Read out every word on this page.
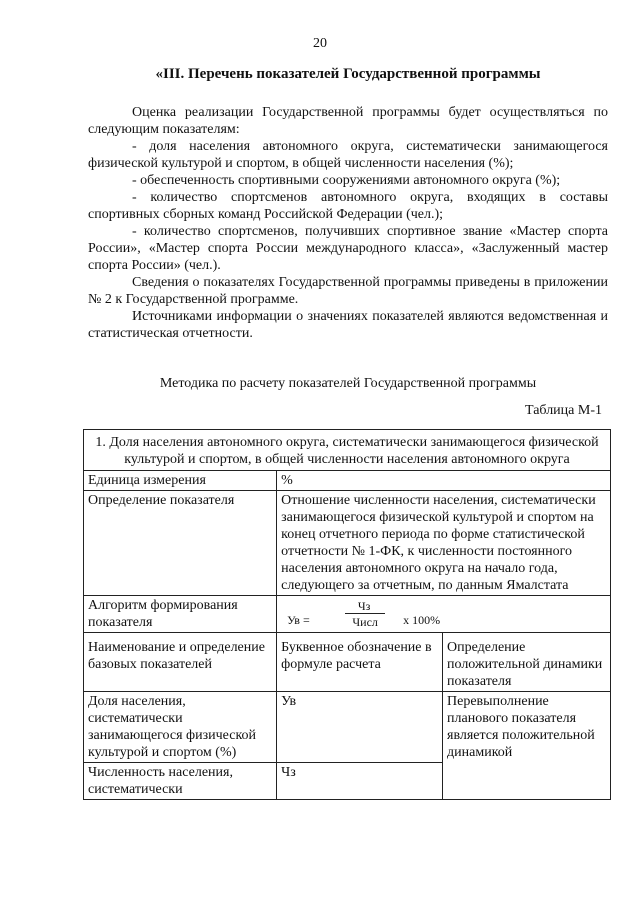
20
«III. Перечень показателей Государственной программы

Оценка реализации Государственной программы будет осуществляться по следующим показателям:

- доля населения автономного округа, систематически занимающегося физической культурой и спортом, в общей численности населения (%);

- обеспеченность спортивными сооружениями автономного округа (%);

- количество спортсменов автономного округа, входящих в составы спортивных сборных команд Российской Федерации (чел.);

- количество спортсменов, получивших спортивное звание «Мастер спорта России», «Мастер спорта России международного класса», «Заслуженный мастер спорта России» (чел.).

Сведения о показателях Государственной программы приведены в приложении № 2 к Государственной программе.

Источниками информации о значениях показателей являются ведомственная и статистическая отчетности.

Методика по расчету показателей Государственной программы
Таблица М-1
1. Доля населения автономного округа, систематически занимающегося физической культурой и спортом, в общей численности населения автономного округа		
Единица измерения	%	
Определение показателя	Отношение численности населения, систематически занимающегося физической культурой и спортом на конец отчетного периода по форме статистической отчетности № 1-ФК, к численности постоянного населения автономного округа на начало года, следующего за отчетным, по данным Ямалстата	
Алгоритм формирования показателя	Ув =
Чз
Числ х 100%	

Наименование и определение базовых показателей	Буквенное обозначение в формуле расчета	Определение положительной динамики показателя
Доля населения, систематически занимающегося физической культурой и спортом (%)	Ув	Перевыполнение планового показателя является положительной динамикой
Численность населения, систематически	Чз	
